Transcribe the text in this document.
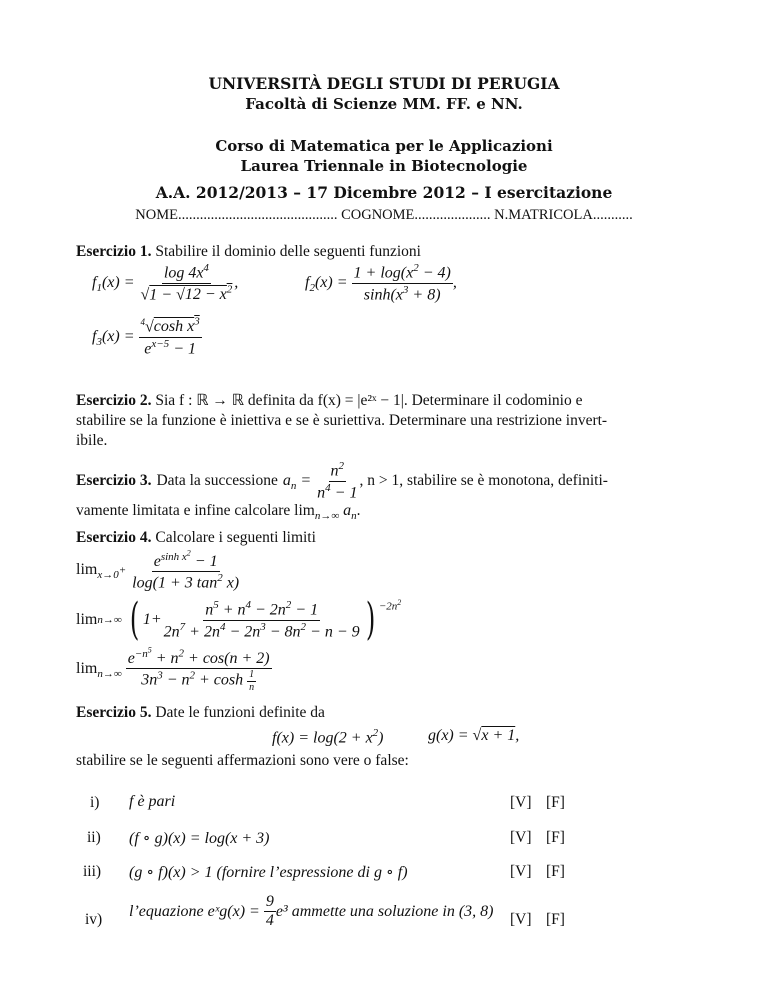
UNIVERSITÀ DEGLI STUDI DI PERUGIA
Facoltà di Scienze MM. FF. e NN.
Corso di Matematica per le Applicazioni
Laurea Triennale in Biotecnologie
A.A. 2012/2013 – 17 Dicembre 2012 – I esercitazione
NOME............................................ COGNOME..................... N.MATRICOLA...........
Esercizio 1. Stabilire il dominio delle seguenti funzioni
$f_1(x) = \frac{\log 4x^4}{√1 - √12 - x^2}$ ,	$f_2(x) = \frac{1 + \log(x^2 - 4)}{\sinh(x^3 + 8)}$ ,
$f_3(x) = \frac{^4√\cosh x^3}{e^{x-5} - 1}$
Esercizio 2. Sia f : ℝ → ℝ definita da f(x) = |e²ˣ − 1|. Determinare il codominio e
stabilire se la funzione è iniettiva e se è suriettiva. Determinare una restrizione invert-
ibile.
Esercizio 3. Data la successione $a_n = \frac{n^2}{n^4 - 1}$ , n > 1, stabilire se è monotona, definiti-
vamente limitata e infine calcolare $\lim_{n\to\infty} a_n$.
Esercizio 4. Calcolare i seguenti limiti
$\lim_{x\to 0^+} \frac{e^{sinh x^2} - 1}{\log(1 + 3 \tan^2 x)}$
lim n→∞ ( $1+ \frac{n^5 + n^4 - 2n^2 - 1}{2n^7 + 2n^4 - 2n^3 - 8n^2 - n - 9}$ ) $^{-2n^2}$
$\lim_{n\to\infty} \frac{e^{-n^5} + n^2 + \cos(n + 2)}{3n^3 - n^2 + \cosh \frac{1}{n}}$
Esercizio 5. Date le funzioni definite da
$f(x) = \log(2 + x^2)$	g(x) = √x + 1,
stabilire se le seguenti affermazioni sono vere o false:
i) f è pari	[V] [F]
ii) (f ∘ g)(x) = log(x + 3)	[V] [F]
iii) (g ∘ f)(x) > 1 (fornire l’espressione di g ∘ f)	[V] [F]
iv) l’equazione eˣg(x) = $\frac{9}{4} e^3$ ammette una soluzione in (3, 8) [V] [F]
